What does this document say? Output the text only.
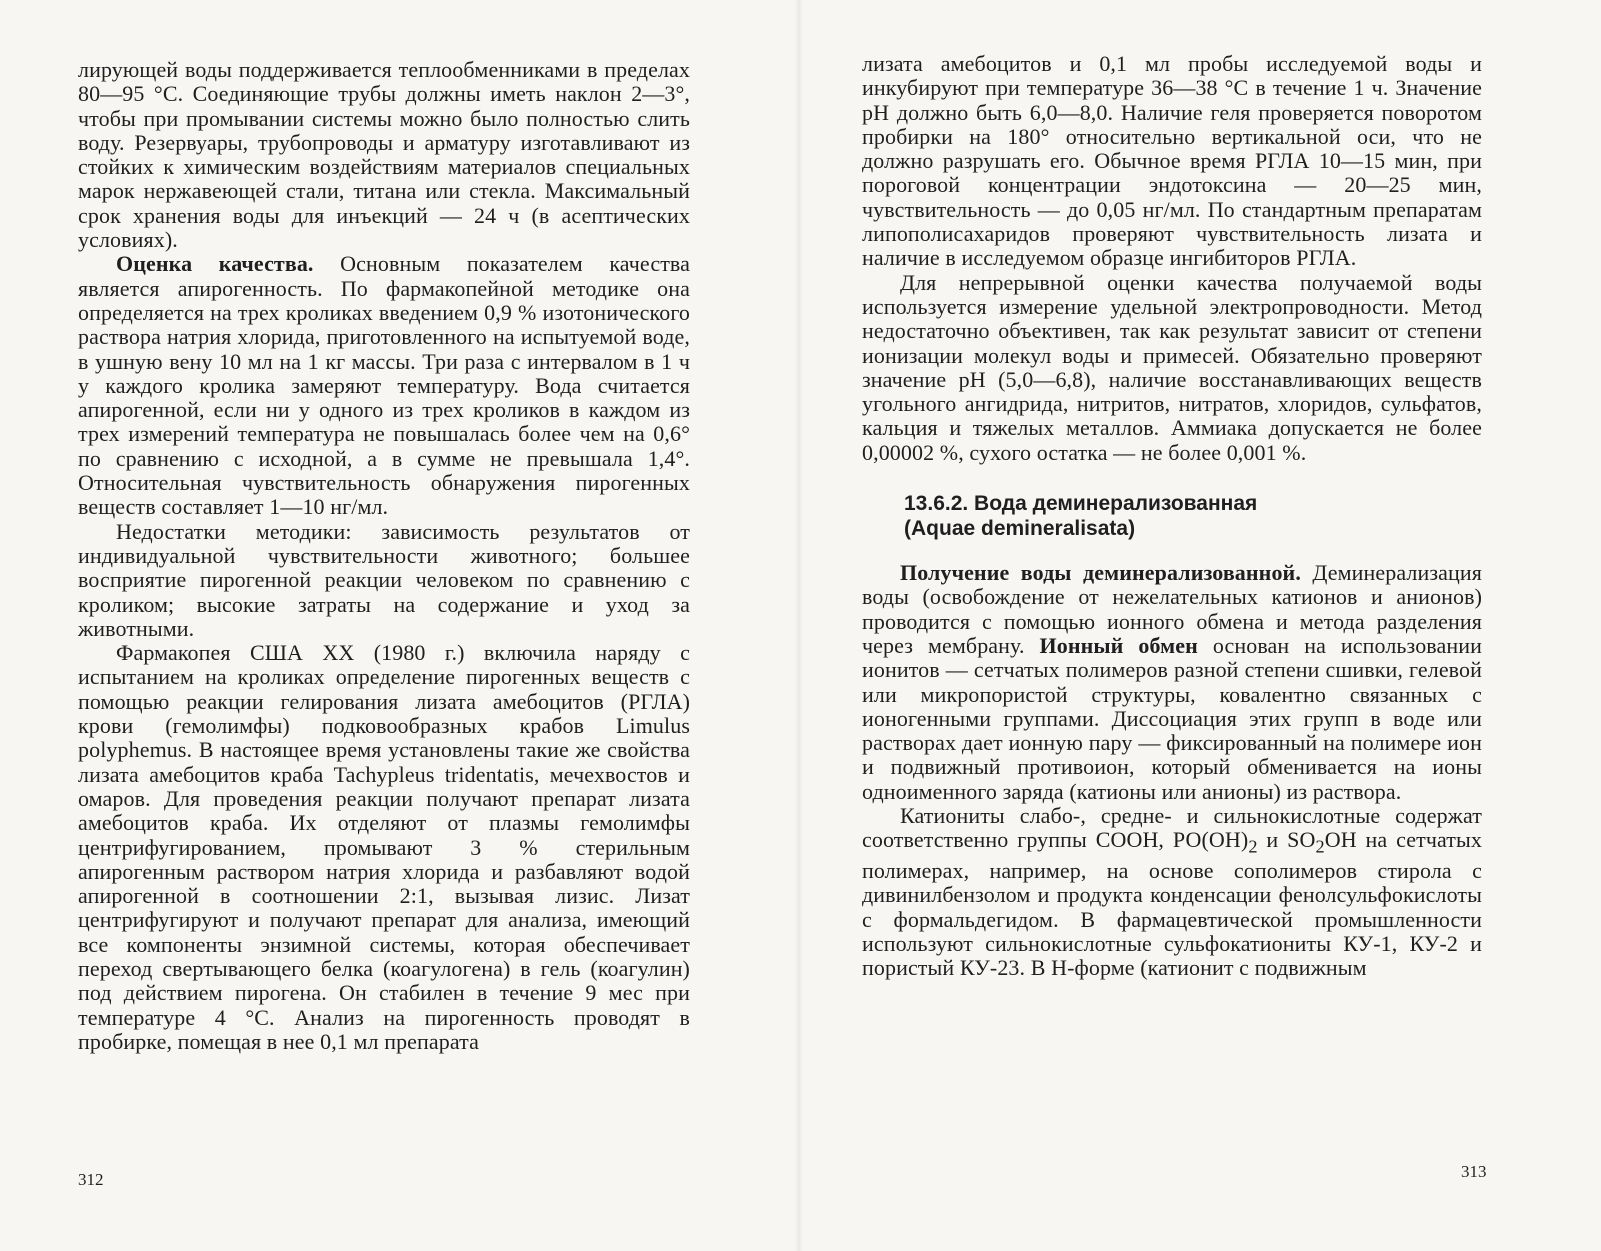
лирующей воды поддерживается теплообменниками в пределах 80—95 °С. Соединяющие трубы должны иметь наклон 2—3°, чтобы при промывании системы можно было полностью слить воду. Резервуары, трубопроводы и арматуру изготавливают из стойких к химическим воздействиям материалов специальных марок нержавеющей стали, титана или стекла. Максимальный срок хранения воды для инъекций — 24 ч (в асептических условиях).

Оценка качества. Основным показателем качества является апирогенность. По фармакопейной методике она определяется на трех кроликах введением 0,9 % изотонического раствора натрия хлорида, приготовленного на испытуемой воде, в ушную вену 10 мл на 1 кг массы. Три раза с интервалом в 1 ч у каждого кролика замеряют температуру. Вода считается апирогенной, если ни у одного из трех кроликов в каждом из трех измерений температура не повышалась более чем на 0,6° по сравнению с исходной, а в сумме не превышала 1,4°. Относительная чувствительность обнаружения пирогенных веществ составляет 1—10 нг/мл.

Недостатки методики: зависимость результатов от индивидуальной чувствительности животного; большее восприятие пирогенной реакции человеком по сравнению с кроликом; высокие затраты на содержание и уход за животными.

Фармакопея США XX (1980 г.) включила наряду с испытанием на кроликах определение пирогенных веществ с помощью реакции гелирования лизата амебоцитов (РГЛА) крови (гемолимфы) подковообразных крабов Limulus polyphemus. В настоящее время установлены такие же свойства лизата амебоцитов краба Tachypleus tridentatis, мечехвостов и омаров. Для проведения реакции получают препарат лизата амебоцитов краба. Их отделяют от плазмы гемолимфы центрифугированием, промывают 3 % стерильным апирогенным раствором натрия хлорида и разбавляют водой апирогенной в соотношении 2:1, вызывая лизис. Лизат центрифугируют и получают препарат для анализа, имеющий все компоненты энзимной системы, которая обеспечивает переход свертывающего белка (коагулогена) в гель (коагулин) под действием пирогена. Он стабилен в течение 9 мес при температуре 4 °С. Анализ на пирогенность проводят в пробирке, помещая в нее 0,1 мл препарата

312

лизата амебоцитов и 0,1 мл пробы исследуемой воды и инкубируют при температуре 36—38 °С в течение 1 ч. Значение рН должно быть 6,0—8,0. Наличие геля проверяется поворотом пробирки на 180° относительно вертикальной оси, что не должно разрушать его. Обычное время РГЛА 10—15 мин, при пороговой концентрации эндотоксина — 20—25 мин, чувствительность — до 0,05 нг/мл. По стандартным препаратам липополисахаридов проверяют чувствительность лизата и наличие в исследуемом образце ингибиторов РГЛА.

Для непрерывной оценки качества получаемой воды используется измерение удельной электропроводности. Метод недостаточно объективен, так как результат зависит от степени ионизации молекул воды и примесей. Обязательно проверяют значение рН (5,0—6,8), наличие восстанавливающих веществ угольного ангидрида, нитритов, нитратов, хлоридов, сульфатов, кальция и тяжелых металлов. Аммиака допускается не более 0,00002 %, сухого остатка — не более 0,001 %.

13.6.2. Вода деминерализованная
(Aquae demineralisata)

Получение воды деминерализованной. Деминерализация воды (освобождение от нежелательных катионов и анионов) проводится с помощью ионного обмена и метода разделения через мембрану. Ионный обмен основан на использовании ионитов — сетчатых полимеров разной степени сшивки, гелевой или микропористой структуры, ковалентно связанных с ионогенными группами. Диссоциация этих групп в воде или растворах дает ионную пару — фиксированный на полимере ион и подвижный противоион, который обменивается на ионы одноименного заряда (катионы или анионы) из раствора.

Катиониты слабо-, средне- и сильнокислотные содержат соответственно группы СООН, $РО(ОН)_2$ и $SO_2OH$ на сетчатых полимерах, например, на основе сополимеров стирола с дивинилбензолом и продукта конденсации фенолсульфокислоты с формальдегидом. В фармацевтической промышленности используют сильнокислотные сульфокатиониты КУ-1, КУ-2 и пористый КУ-23. В Н-форме (катионит с подвижным

313
